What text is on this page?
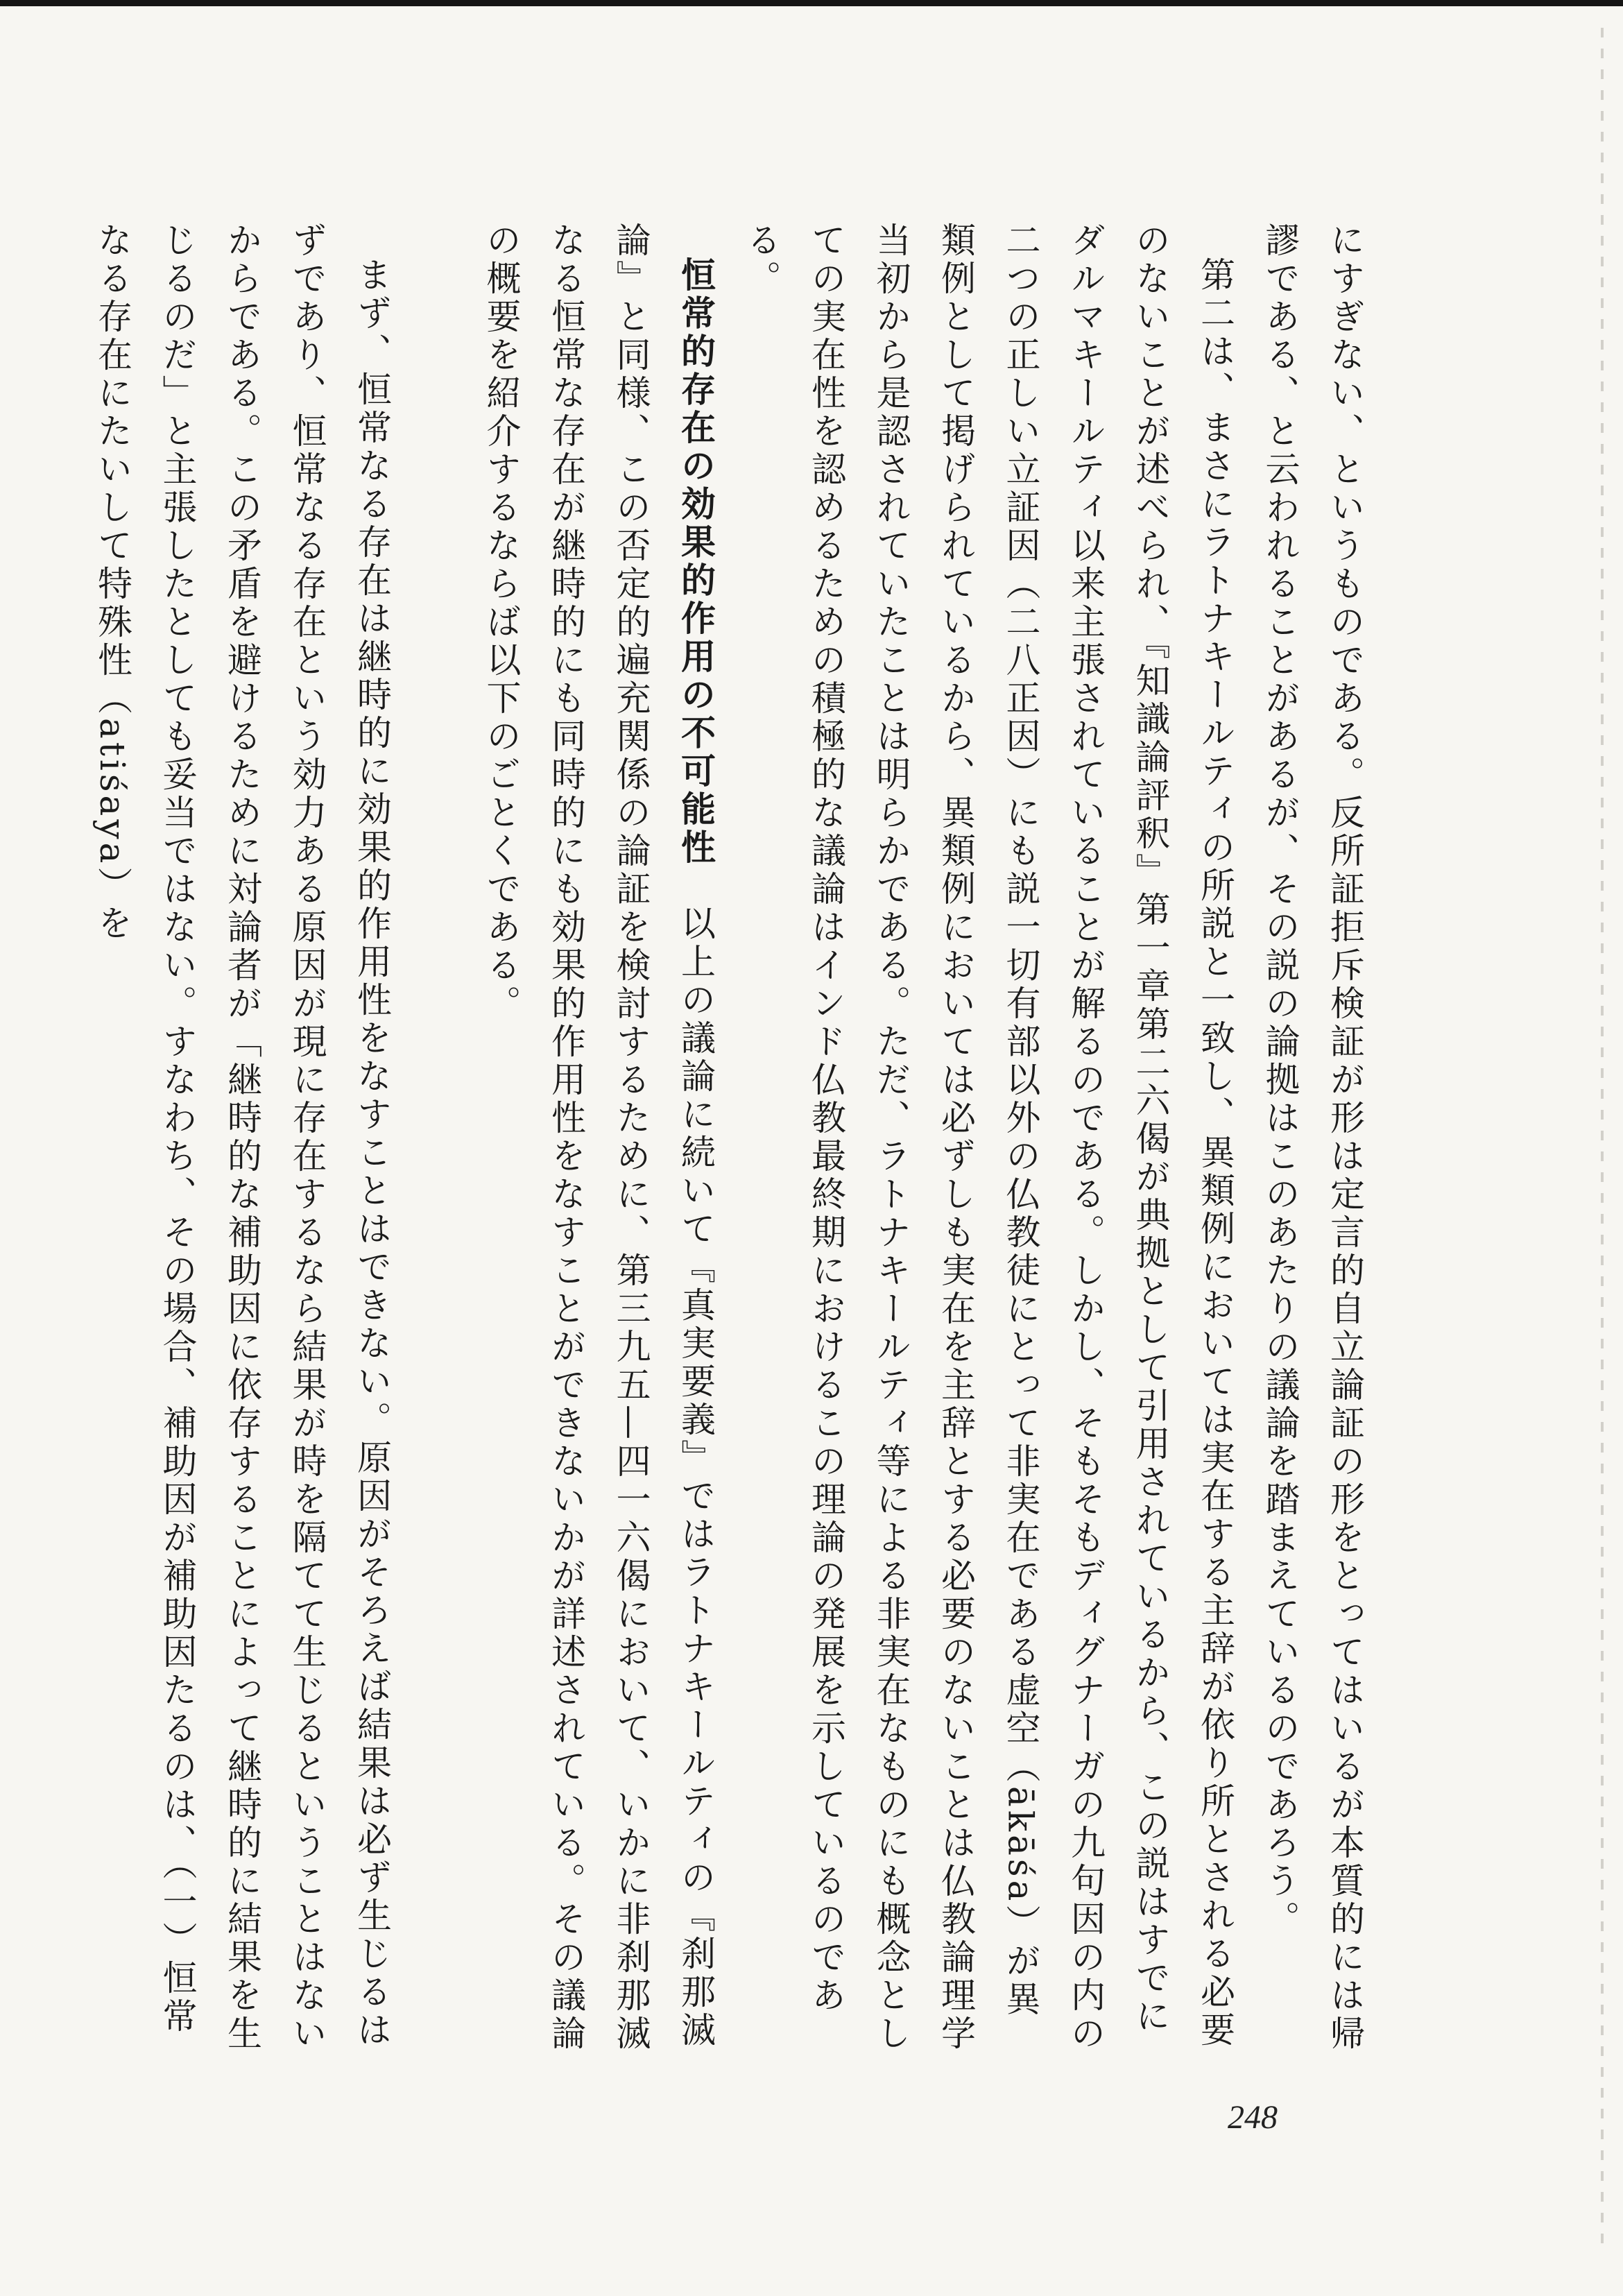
にすぎない、というものである。反所証拒斥検証が形は定言的自立論証の形をとってはいるが本質的には帰謬である、と云われることがあるが、その説の論拠はこのあたりの議論を踏まえているのであろう。

第二は、まさにラトナキールティの所説と一致し、異類例においては実在する主辞が依り所とされる必要のないことが述べられ、『知識論評釈』第一章第二六偈が典拠として引用されているから、この説はすでにダルマキールティ以来主張されていることが解るのである。しかし、そもそもディグナーガの九句因の内の二つの正しい立証因（二八正因）にも説一切有部以外の仏教徒にとって非実在である虚空（ākāśa）が異類例として掲げられているから、異類例においては必ずしも実在を主辞とする必要のないことは仏教論理学当初から是認されていたことは明らかである。ただ、ラトナキールティ等による非実在なものにも概念としての実在性を認めるための積極的な議論はインド仏教最終期におけるこの理論の発展を示しているのである。

恒常的存在の効果的作用の不可能性　以上の議論に続いて『真実要義』ではラトナキールティの『刹那滅論』と同様、この否定的遍充関係の論証を検討するために、第三九五—四一六偈において、いかに非刹那滅なる恒常な存在が継時的にも同時的にも効果的作用性をなすことができないかが詳述されている。その議論の概要を紹介するならば以下のごとくである。

まず、恒常なる存在は継時的に効果的作用性をなすことはできない。原因がそろえば結果は必ず生じるはずであり、恒常なる存在という効力ある原因が現に存在するなら結果が時を隔てて生じるということはないからである。この矛盾を避けるために対論者が「継時的な補助因に依存することによって継時的に結果を生じるのだ」と主張したとしても妥当ではない。すなわち、その場合、補助因が補助因たるのは、（一）恒常なる存在にたいして特殊性（atiśaya）を

248
